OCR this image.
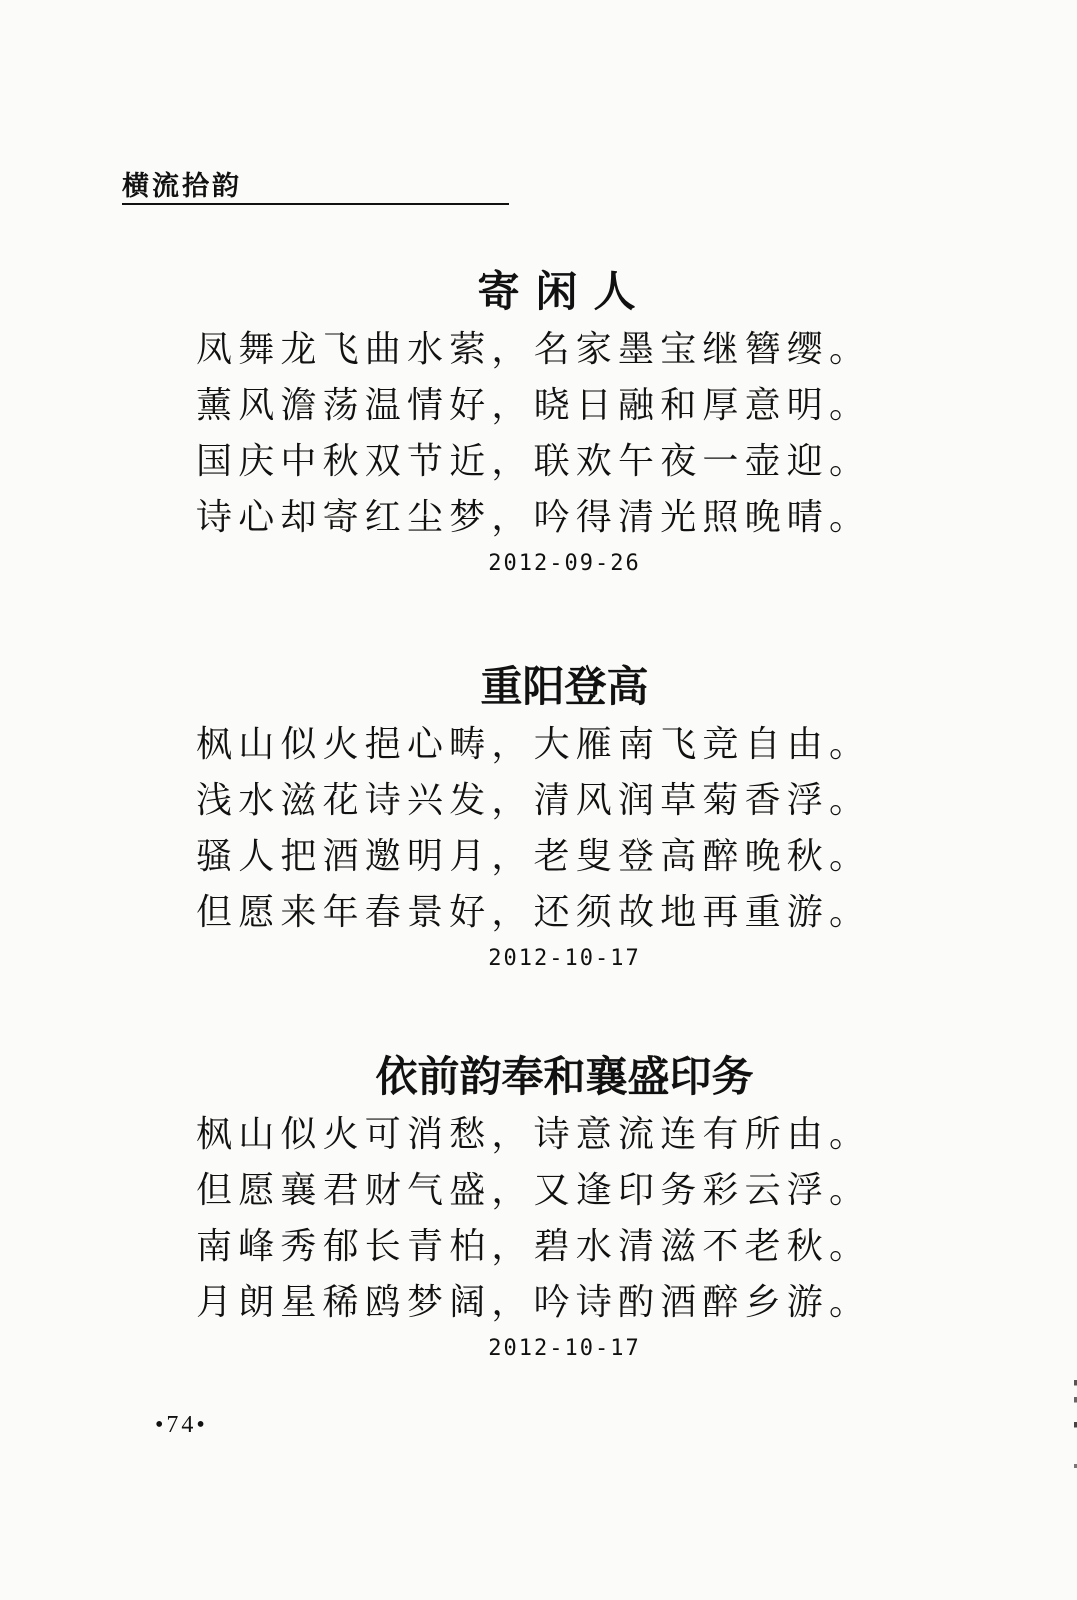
横流拾韵
寄闲人
凤舞龙飞曲水萦，名家墨宝继簪缨。
薰风澹荡温情好，晓日融和厚意明。
国庆中秋双节近，联欢午夜一壶迎。
诗心却寄红尘梦，吟得清光照晚晴。
2012-09-26
重阳登高
枫山似火挹心畴，大雁南飞竞自由。
浅水滋花诗兴发，清风润草菊香浮。
骚人把酒邀明月，老叟登高醉晚秋。
但愿来年春景好，还须故地再重游。
2012-10-17
依前韵奉和襄盛印务
枫山似火可消愁，诗意流连有所由。
但愿襄君财气盛，又逢印务彩云浮。
南峰秀郁长青柏，碧水清滋不老秋。
月朗星稀鸥梦阔，吟诗酌酒醉乡游。
2012-10-17
•74•
